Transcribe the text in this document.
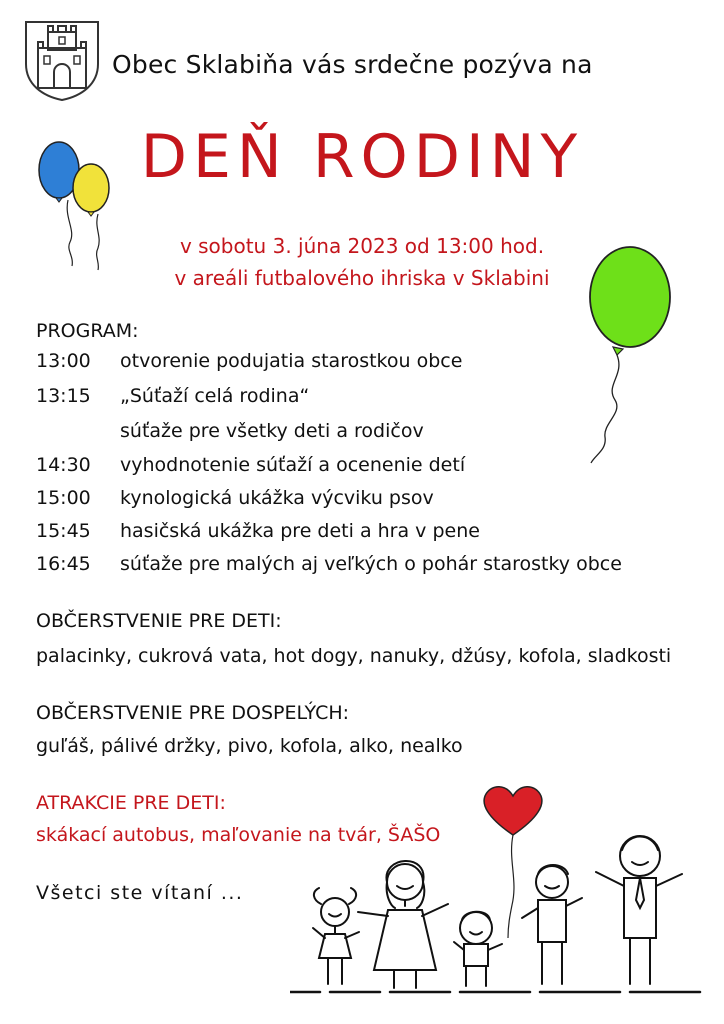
Obec Sklabiňa vás srdečne pozýva na
DEŇ RODINY
v sobotu 3. júna 2023 od 13:00 hod.
v areáli futbalového ihriska v Sklabini
PROGRAM:
13:00 otvorenie podujatia starostkou obce
13:15 „Súťaží celá rodina“
súťaže pre všetky deti a rodičov
14:30 vyhodnotenie súťaží a ocenenie detí
15:00 kynologická ukážka výcviku psov
15:45 hasičská ukážka pre deti a hra v pene
16:45 súťaže pre malých aj veľkých o pohár starostky obce
OBČERSTVENIE PRE DETI:
palacinky, cukrová vata, hot dogy, nanuky, džúsy, kofola, sladkosti
OBČERSTVENIE PRE DOSPELÝCH:
guľáš, pálivé držky, pivo, kofola, alko, nealko
ATRAKCIE PRE DETI:
skákací autobus, maľovanie na tvár, ŠAŠO
Všetci ste vítaní ...
